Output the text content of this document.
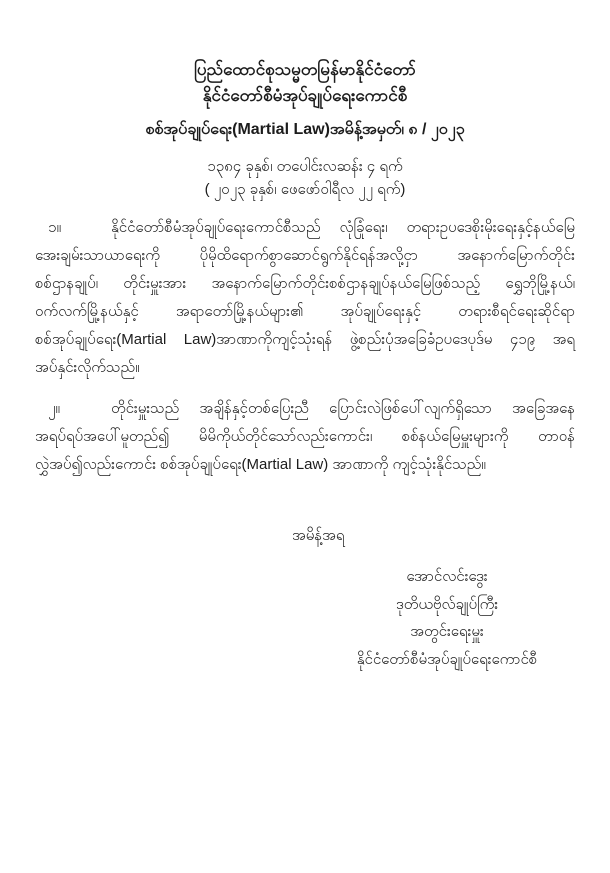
ပြည်ထောင်စုသမ္မတမြန်မာနိုင်ငံတော်
နိုင်ငံတော်စီမံအုပ်ချုပ်ရေးကောင်စီ
စစ်အုပ်ချုပ်ရေး(Martial Law)အမိန့်အမှတ်၊ ၈ / ၂၀၂၃
၁၃၈၄ ခုနှစ်၊ တပေါင်းလဆန်း ၄ ရက်
( ၂၀၂၃ ခုနှစ်၊ ဖေဖော်ဝါရီလ ၂၂ ရက်)
၁။	နိုင်ငံတော်စီမံအုပ်ချုပ်ရေးကောင်စီသည် လုံခြုံရေး၊ တရားဥပဒေစိုးမိုးရေးနှင့်နယ်မြေ
အေးချမ်းသာယာရေးကို ပိုမိုထိရောက်စွာဆောင်ရွက်နိုင်ရန်အလို့ငှာ အနောက်မြောက်တိုင်း
စစ်ဌာနချုပ်၊ တိုင်းမှူးအား အနောက်မြောက်တိုင်းစစ်ဌာနချုပ်နယ်မြေဖြစ်သည့် ရွှေဘိုမြို့နယ်၊
ဝက်လက်မြို့နယ်နှင့် အရာတော်မြို့နယ်များ၏ အုပ်ချုပ်ရေးနှင့် တရားစီရင်ရေးဆိုင်ရာ
စစ်အုပ်ချုပ်ရေး(Martial Law)အာဏာကိုကျင့်သုံးရန် ဖွဲ့စည်းပုံအခြေခံဥပဒေပုဒ်မ ၄၁၉ အရ
အပ်နှင်းလိုက်သည်။
၂။	တိုင်းမှူးသည် အချိန်နှင့်တစ်ပြေးညီ ပြောင်းလဲဖြစ်ပေါ်လျက်ရှိသော အခြေအနေ
အရပ်ရပ်အပေါ်မူတည်၍ မိမိကိုယ်တိုင်သော်လည်းကောင်း၊ စစ်နယ်မြေမှူးများကို တာဝန်
လွှဲအပ်၍လည်းကောင်း စစ်အုပ်ချုပ်ရေး(Martial Law) အာဏာကို ကျင့်သုံးနိုင်သည်။
အမိန့်အရ
အောင်လင်းဒွေး
ဒုတိယဗိုလ်ချုပ်ကြီး
အတွင်းရေးမှူး
နိုင်ငံတော်စီမံအုပ်ချုပ်ရေးကောင်စီ
